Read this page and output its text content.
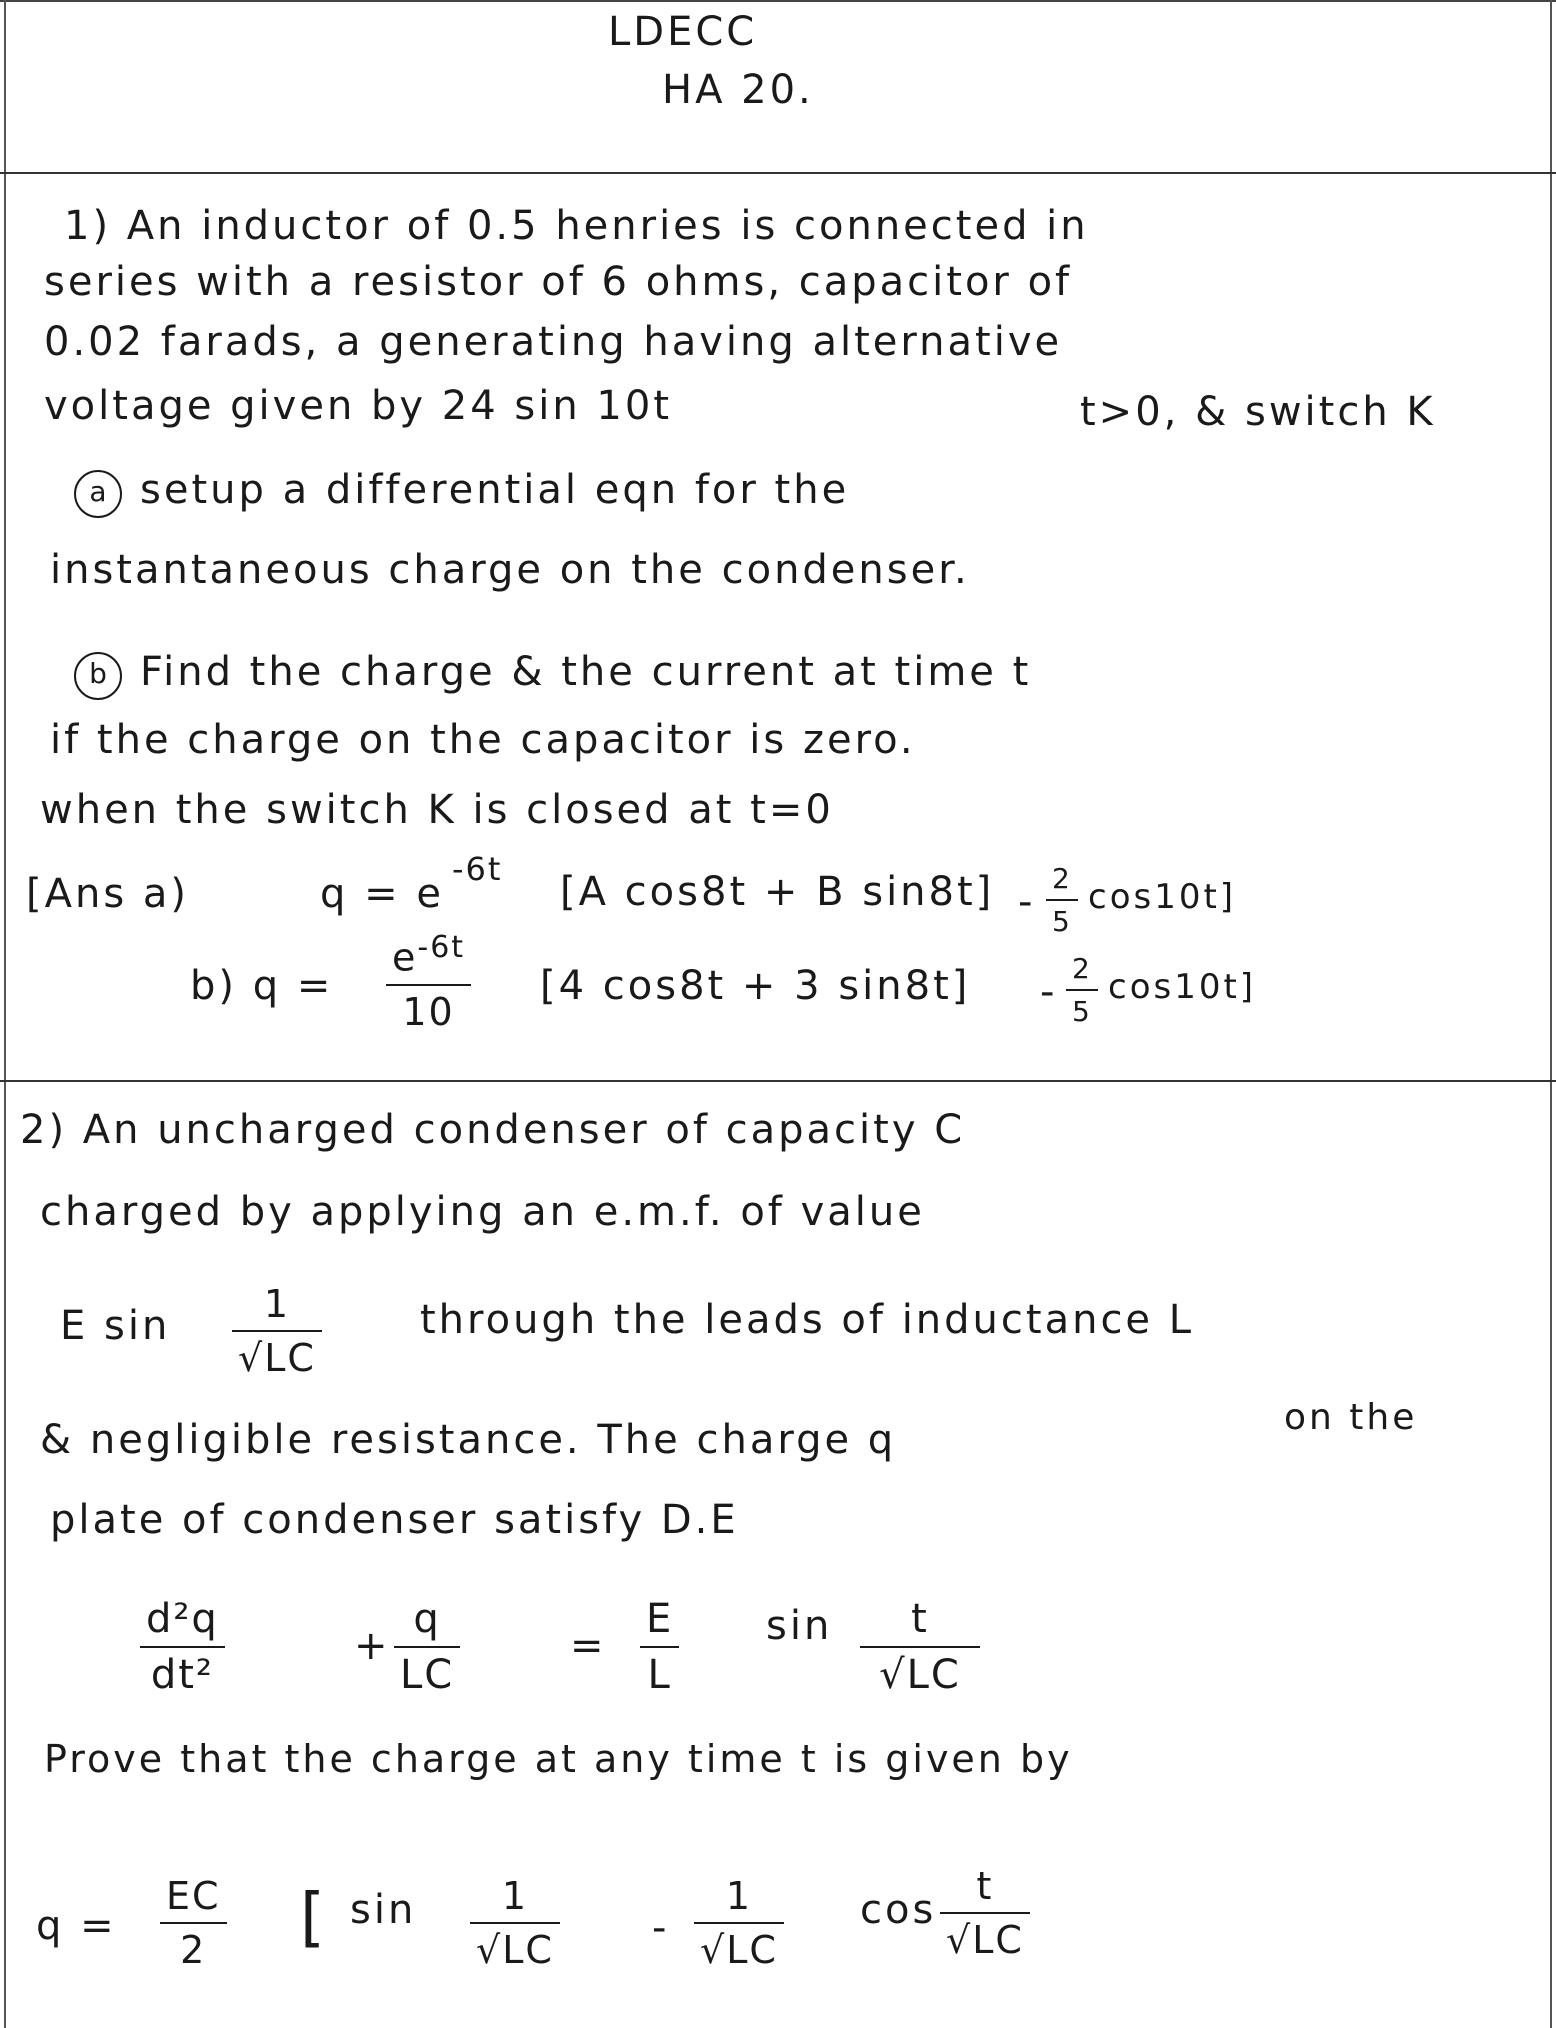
LDECC
HA 20.
1) An inductor of 0.5 henries is connected in
series with a resistor of 6 ohms, capacitor of
0.02 farads, a generating having alternative
voltage given by 24 sin 10t	t>0, & switch K
a setup a differential eqn for the
instantaneous charge on the condenser.
b Find the charge & the current at time t
if the charge on the capacitor is zero.
when the switch K is closed at t=0
[Ans a)	q = e
-6t [A cos8t + B sin8t] -
2
5
cos10t]
b) q =
$e^{-6t}$
10
[4 cos8t + 3 sin8t] -
2
5
cos10t]
2) An uncharged condenser of capacity C
charged by applying an e.m.f. of value
E sin	1
√LC
through the leads of inductance L
& negligible resistance. The charge q	on the
plate of condenser satisfy D.E
d²q
dt²
+
q
LC
=
E
L
sin	t
√LC
Prove that the charge at any time t is given by
q =
EC
2	[ sin	1
√LC -
1
√LC
cos
t
√LC
